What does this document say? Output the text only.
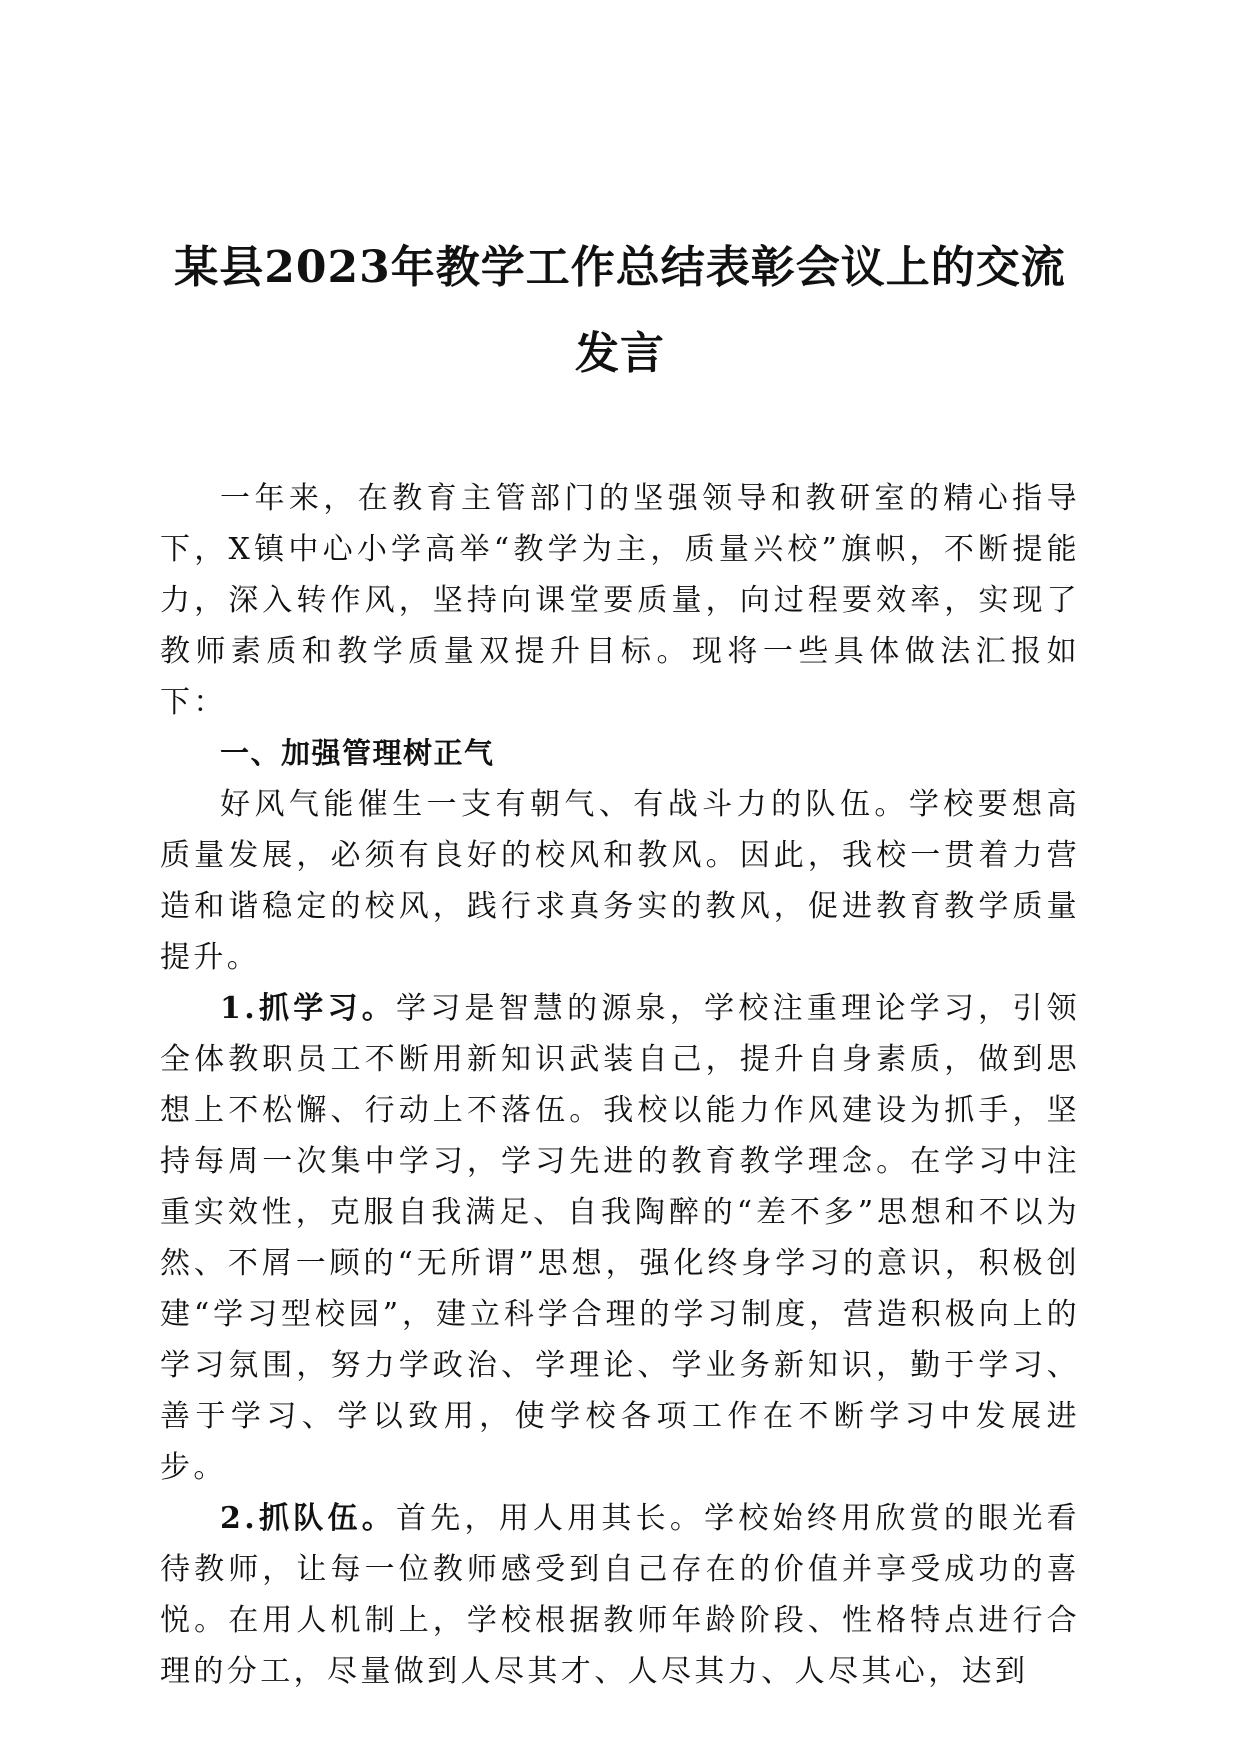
某县2023年教学工作总结表彰会议上的交流
发言

一年来，在教育主管部门的坚强领导和教研室的精心指导下，X镇中心小学高举“教学为主，质量兴校”旗帜，不断提能力，深入转作风，坚持向课堂要质量，向过程要效率，实现了教师素质和教学质量双提升目标。现将一些具体做法汇报如下：

一、加强管理树正气

好风气能催生一支有朝气、有战斗力的队伍。学校要想高质量发展，必须有良好的校风和教风。因此，我校一贯着力营造和谐稳定的校风，践行求真务实的教风，促进教育教学质量提升。

1.抓学习。学习是智慧的源泉，学校注重理论学习，引领全体教职员工不断用新知识武装自己，提升自身素质，做到思想上不松懈、行动上不落伍。我校以能力作风建设为抓手，坚持每周一次集中学习，学习先进的教育教学理念。在学习中注重实效性，克服自我满足、自我陶醉的“差不多”思想和不以为然、不屑一顾的“无所谓”思想，强化终身学习的意识，积极创建“学习型校园”，建立科学合理的学习制度，营造积极向上的学习氛围，努力学政治、学理论、学业务新知识，勤于学习、善于学习、学以致用，使学校各项工作在不断学习中发展进步。

2.抓队伍。首先，用人用其长。学校始终用欣赏的眼光看待教师，让每一位教师感受到自己存在的价值并享受成功的喜悦。在用人机制上，学校根据教师年龄阶段、性格特点进行合理的分工，尽量做到人尽其才、人尽其力、人尽其心，达到
